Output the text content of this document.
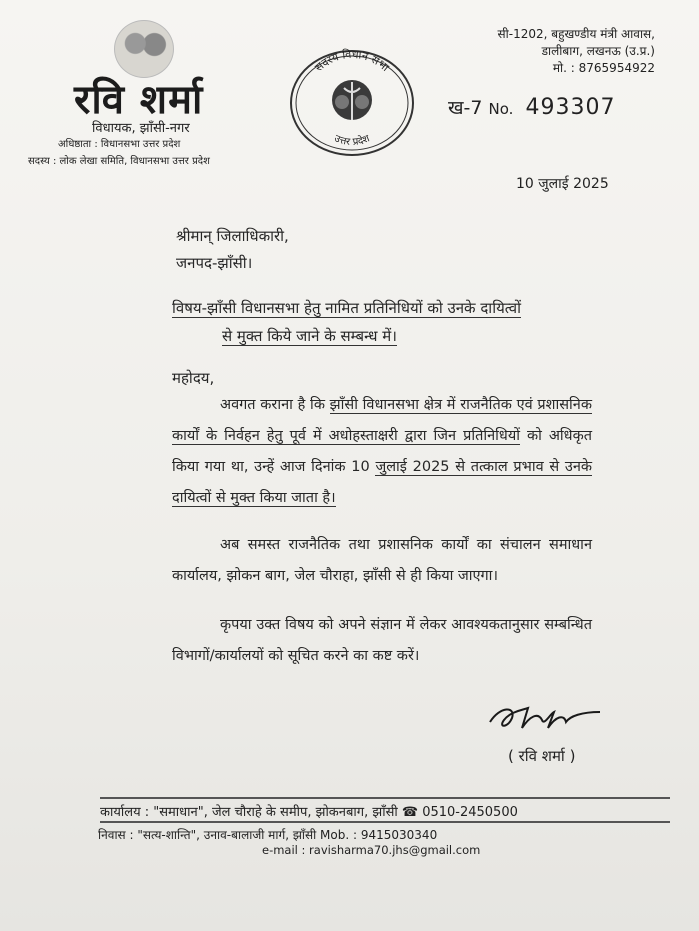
रवि शर्मा
विधायक, झाँसी-नगर
अधिष्ठाता : विधानसभा उत्तर प्रदेश
सदस्य : लोक लेखा समिति, विधानसभा उत्तर प्रदेश
सदस्य विधान सभा
उत्तर प्रदेश
सी-1202, बहुखण्डीय मंत्री आवास,
डालीबाग, लखनऊ (उ.प्र.)
मो. : 8765954922
ख-7 No. 493307
10 जुलाई 2025
श्रीमान् जिलाधिकारी,
जनपद-झाँसी।
विषय-झाँसी विधानसभा हेतु नामित प्रतिनिधियों को उनके दायित्वों
से मुक्त किये जाने के सम्बन्ध में।
महोदय,
अवगत कराना है कि झाँसी विधानसभा क्षेत्र में राजनैतिक एवं प्रशासनिक कार्यों के निर्वहन हेतु पूर्व में अधोहस्ताक्षरी द्वारा जिन प्रतिनिधियों को अधिकृत किया गया था, उन्हें आज दिनांक 10 जुलाई 2025 से तत्काल प्रभाव से उनके दायित्वों से मुक्त किया जाता है।
अब समस्त राजनैतिक तथा प्रशासनिक कार्यों का संचालन समाधान कार्यालय, झोकन बाग, जेल चौराहा, झाँसी से ही किया जाएगा।
कृपया उक्त विषय को अपने संज्ञान में लेकर आवश्यकतानुसार सम्बन्धित विभागों/कार्यालयों को सूचित करने का कष्ट करें।
( रवि शर्मा )
कार्यालय : "समाधान", जेल चौराहे के समीप, झोकनबाग, झाँसी ☎ 0510-2450500
निवास : "सत्य-शान्ति", उनाव-बालाजी मार्ग, झाँसी Mob. : 9415030340
e-mail : ravisharma70.jhs@gmail.com
